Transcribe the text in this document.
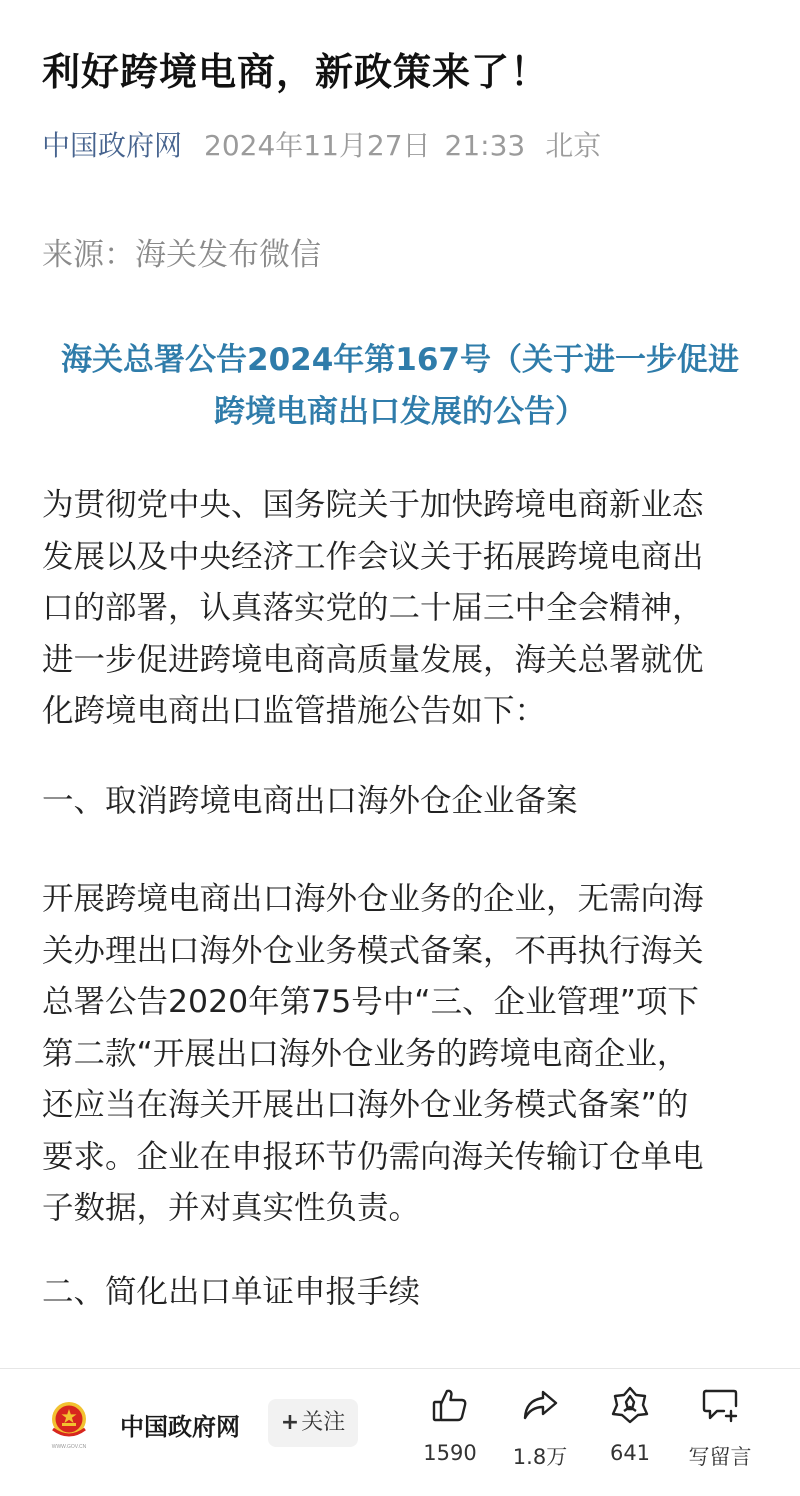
利好跨境电商，新政策来了！
中国政府网 2024年11月27日 21:33 北京
来源：海关发布微信
海关总署公告2024年第167号（关于进一步促进
跨境电商出口发展的公告）
为贯彻党中央、国务院关于加快跨境电商新业态
发展以及中央经济工作会议关于拓展跨境电商出
口的部署，认真落实党的二十届三中全会精神，
进一步促进跨境电商高质量发展，海关总署就优
化跨境电商出口监管措施公告如下：
一、取消跨境电商出口海外仓企业备案
开展跨境电商出口海外仓业务的企业，无需向海
关办理出口海外仓业务模式备案，不再执行海关
总署公告2020年第75号中“三、企业管理”项下
第二款“开展出口海外仓业务的跨境电商企业，
还应当在海关开展出口海外仓业务模式备案”的
要求。企业在申报环节仍需向海关传输订仓单电
子数据，并对真实性负责。
二、简化出口单证申报手续
WWW.GOV.CN
中国政府网	+关注
1590	1.8万	641	写留言
